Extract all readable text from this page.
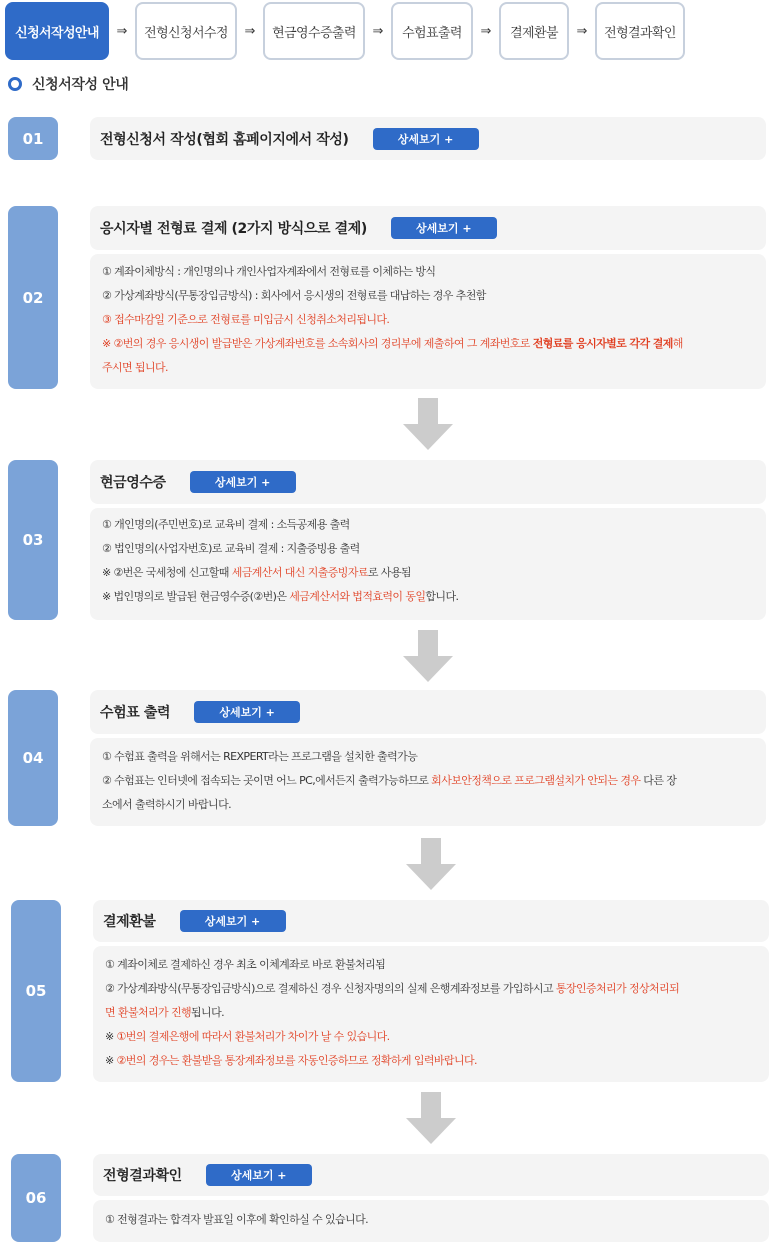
신청서작성안내	⇒	전형신청서수정	⇒	현금영수증출력	⇒	수험표출력	⇒	결제환불	⇒	전형결과확인
신청서작성 안내
01	전형신청서 작성(협회 홈페이지에서 작성)	상세보기 +
02
응시자별 전형료 결제 (2가지 방식으로 결제)	상세보기 +
① 계좌이체방식 : 개인명의나 개인사업자계좌에서 전형료를 이체하는 방식
② 가상계좌방식(무통장입금방식) : 회사에서 응시생의 전형료를 대납하는 경우 추천함
③ 접수마감일 기준으로 전형료를 미입금시 신청취소처리됩니다.
※ ②번의 경우 응시생이 발급받은 가상계좌번호를 소속회사의 경리부에 제출하여 그 계좌번호로 전형료를 응시자별로 각각 결제해
주시면 됩니다.
03
현금영수증	상세보기 +
① 개인명의(주민번호)로 교육비 결제 : 소득공제용 출력
② 법인명의(사업자번호)로 교육비 결제 : 지출증빙용 출력
※ ②번은 국세청에 신고할때 세금계산서 대신 지출증빙자료로 사용됨
※ 법인명의로 발급된 현금영수증(②번)은 세금계산서와 법적효력이 동일합니다.
04
수험표 출력	상세보기 +
① 수험표 출력을 위해서는 REXPERT라는 프로그램을 설치한 출력가능
② 수험표는 인터넷에 접속되는 곳이면 어느 PC,에서든지 출력가능하므로 회사보안정책으로 프로그램설치가 안되는 경우 다른 장
소에서 출력하시기 바랍니다.
05
결제환불	상세보기 +
① 계좌이체로 결제하신 경우 최초 이체계좌로 바로 환불처리됨
② 가상계좌방식(무통장입금방식)으로 결제하신 경우 신청자명의의 실제 은행계좌정보를 가입하시고 통장인증처리가 정상처리되
면 환불처리가 진행됩니다.
※ ①번의 결제은행에 따라서 환불처리가 차이가 날 수 있습니다.
※ ②번의 경우는 환불받을 통장계좌정보를 자동인증하므로 정확하게 입력바랍니다.
06
전형결과확인	상세보기 +
① 전형결과는 합격자 발표일 이후에 확인하실 수 있습니다.
